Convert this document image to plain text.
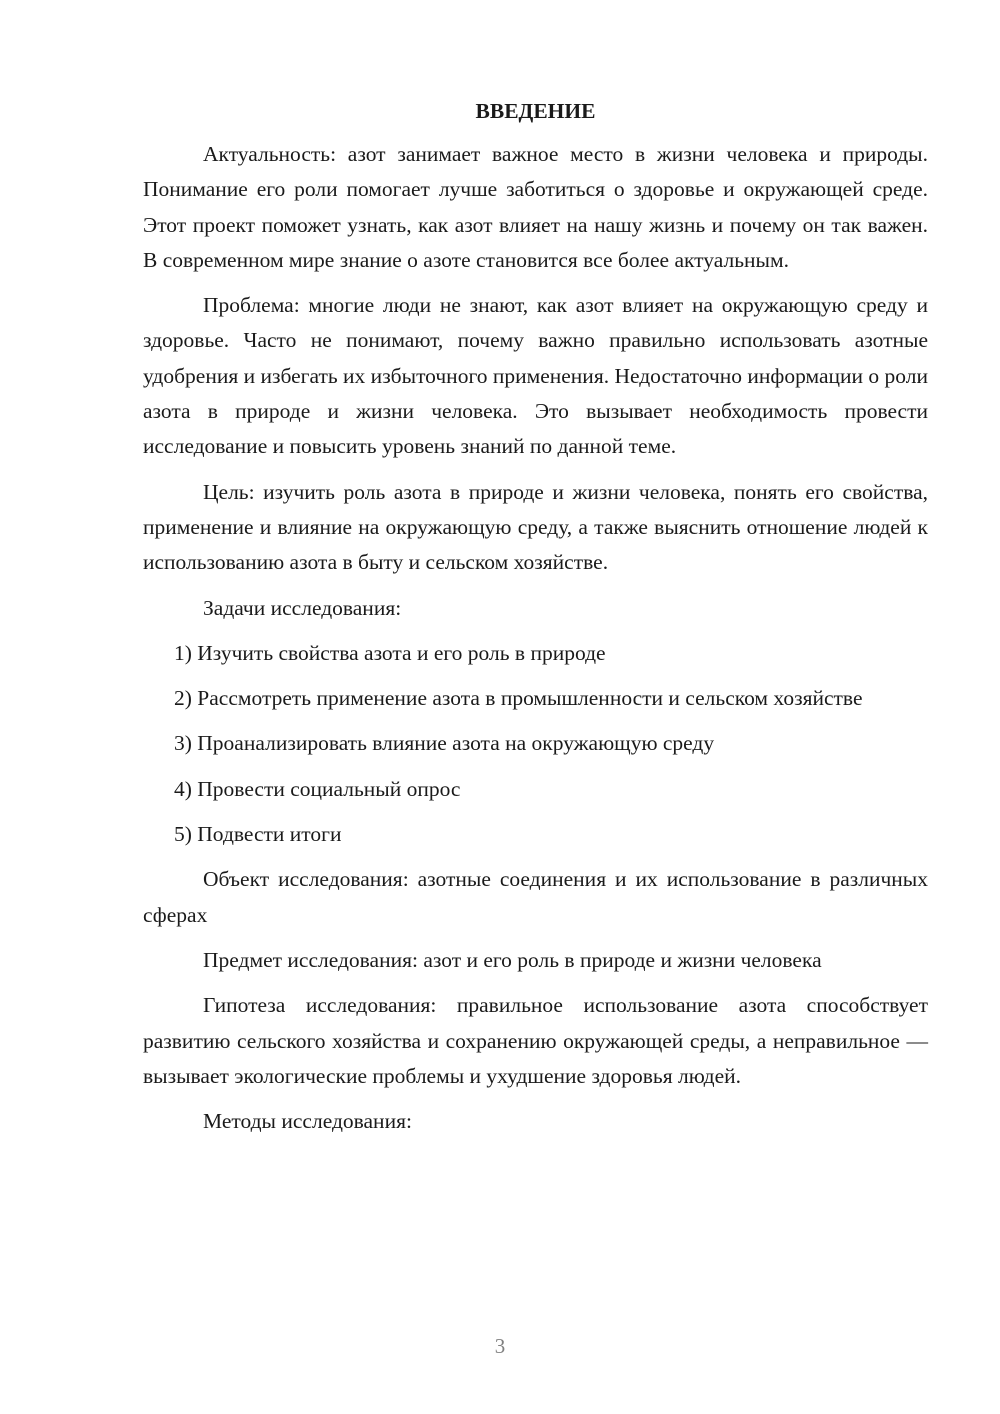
ВВЕДЕНИЕ
Актуальность: азот занимает важное место в жизни человека и природы. Понимание его роли помогает лучше заботиться о здоровье и окружающей среде. Этот проект поможет узнать, как азот влияет на нашу жизнь и почему он так важен. В современном мире знание о азоте становится все более актуальным.
Проблема: многие люди не знают, как азот влияет на окружающую среду и здоровье. Часто не понимают, почему важно правильно использовать азотные удобрения и избегать их избыточного применения. Недостаточно информации о роли азота в природе и жизни человека. Это вызывает необходимость провести исследование и повысить уровень знаний по данной теме.
Цель: изучить роль азота в природе и жизни человека, понять его свойства, применение и влияние на окружающую среду, а также выяснить отношение людей к использованию азота в быту и сельском хозяйстве.
Задачи исследования:
1) Изучить свойства азота и его роль в природе
2) Рассмотреть применение азота в промышленности и сельском хозяйстве
3) Проанализировать влияние азота на окружающую среду
4) Провести социальный опрос
5) Подвести итоги
Объект исследования: азотные соединения и их использование в различных сферах
Предмет исследования: азот и его роль в природе и жизни человека
Гипотеза исследования: правильное использование азота способствует развитию сельского хозяйства и сохранению окружающей среды, а неправильное — вызывает экологические проблемы и ухудшение здоровья людей.
Методы исследования:
3
